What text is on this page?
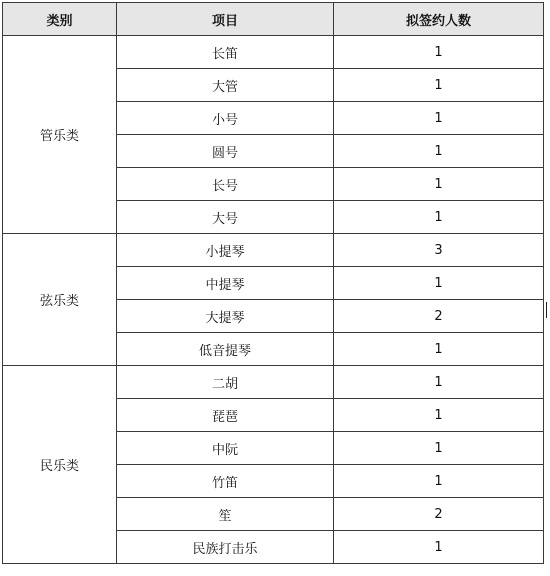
类别	项目	拟签约人数
管乐类	长笛	1
	大管	1
	小号	1
	圆号	1
	长号	1
	大号	1
弦乐类	小提琴	3
	中提琴	1
	大提琴	2
	低音提琴	1
民乐类	二胡	1
	琵琶	1
	中阮	1
	竹笛	1
	笙	2
	民族打击乐	1
